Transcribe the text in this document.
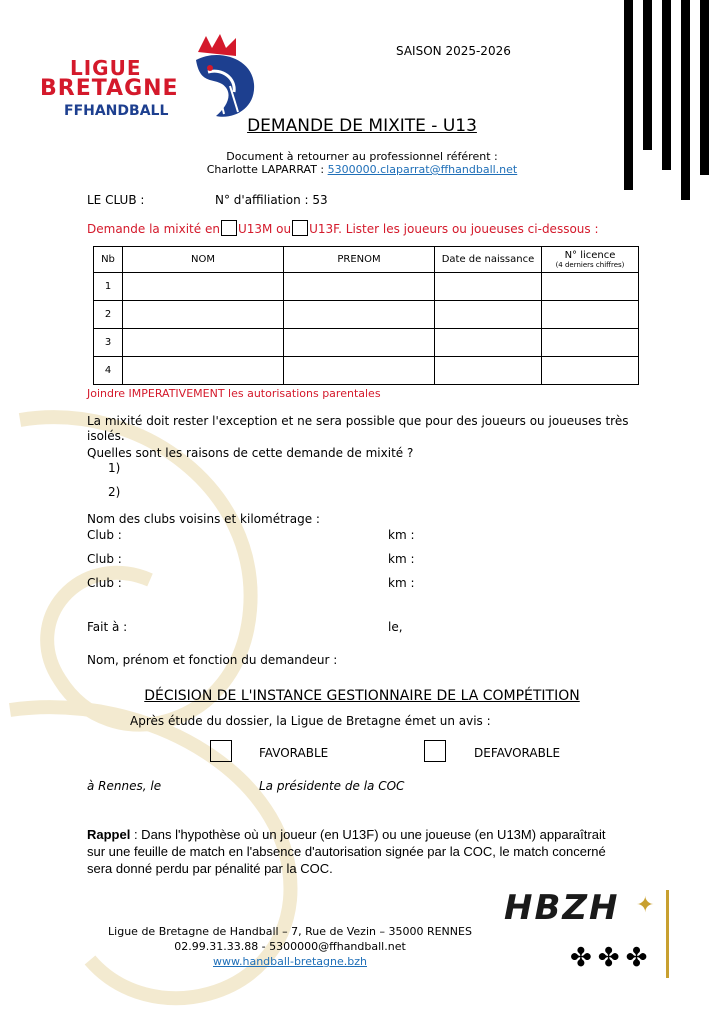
LIGUE
BRETAGNE
FFHANDBALL
SAISON 2025-2026
DEMANDE DE MIXITE - U13
Document à retourner au professionnel référent :
Charlotte LAPARRAT : 5300000.claparrat@ffhandball.net
LE CLUB :	N° d'affiliation : 53
Demande la mixité en U13M ou U13F. Lister les joueurs ou joueuses ci-dessous :
Nb	NOM	PRENOM	Date de naissance	N° licence
(4 derniers chiffres)

1				
2				
3				
4				
Joindre IMPERATIVEMENT les autorisations parentales
La mixité doit rester l'exception et ne sera possible que pour des joueurs ou joueuses très
isolés.
Quelles sont les raisons de cette demande de mixité ?
1)
2)
Nom des clubs voisins et kilométrage :
Club :	km :
Club :	km :
Club :	km :
Fait à :	le,
Nom, prénom et fonction du demandeur :
DÉCISION DE L'INSTANCE GESTIONNAIRE DE LA COMPÉTITION
Après étude du dossier, la Ligue de Bretagne émet un avis :
FAVORABLE	DEFAVORABLE
à Rennes, le	La présidente de la COC
Rappel : Dans l'hypothèse où un joueur (en U13F) ou une joueuse (en U13M) apparaîtrait
sur une feuille de match en l'absence d'autorisation signée par la COC, le match concerné
sera donné perdu par pénalité par la COC.
Ligue de Bretagne de Handball – 7, Rue de Vezin – 35000 RENNES
02.99.31.33.88 - 5300000@ffhandball.net
www.handball-bretagne.bzh
HBZH ✦
✤✤✤
